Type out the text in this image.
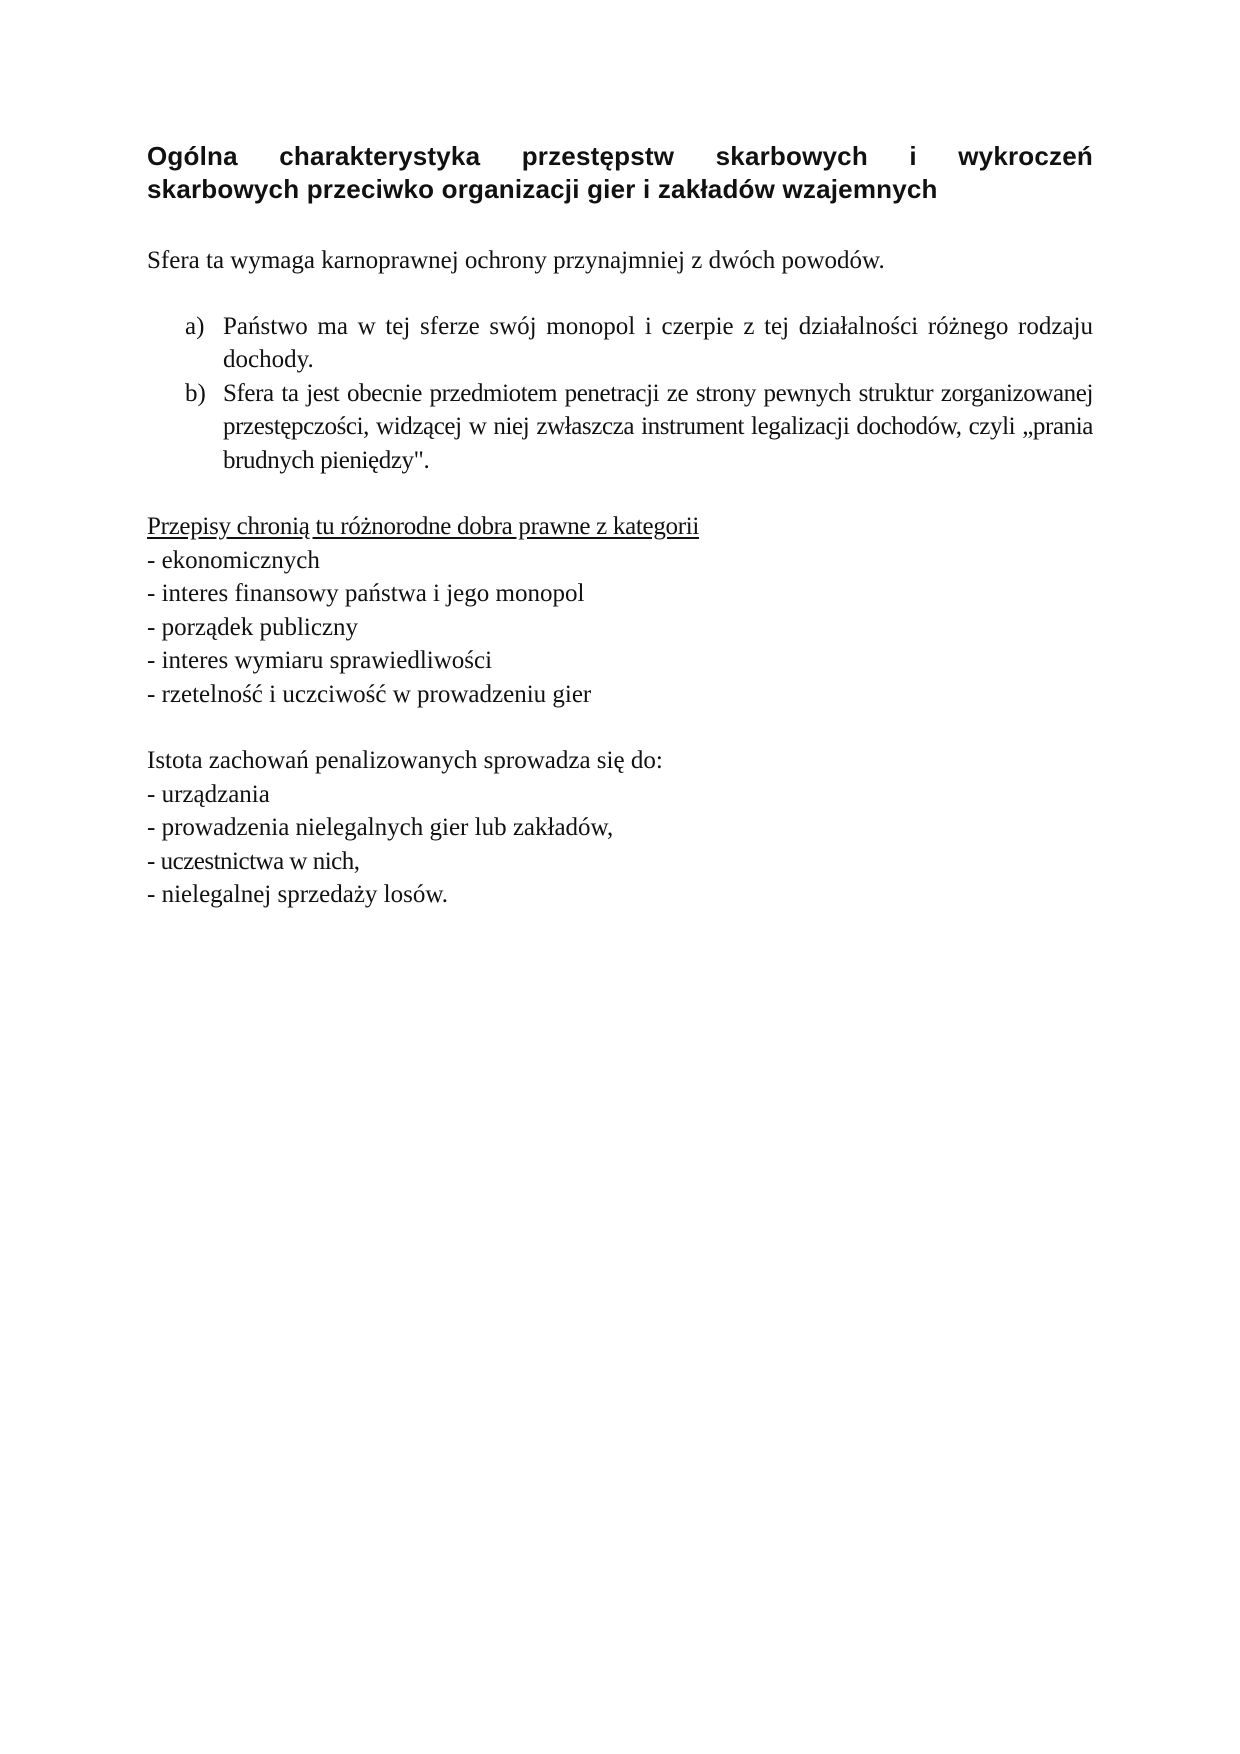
Ogólna charakterystyka przestępstw skarbowych i wykroczeń
skarbowych przeciwko organizacji gier i zakładów wzajemnych

Sfera ta wymaga karnoprawnej ochrony przynajmniej z dwóch powodów.

a) Państwo ma w tej sferze swój monopol i czerpie z tej działalności różnego rodzaju dochody.
b) Sfera ta jest obecnie przedmiotem penetracji ze strony pewnych struktur zorganizowanej przestępczości, widzącej w niej zwłaszcza instrument legalizacji dochodów, czyli „prania brudnych pieniędzy".
Przepisy chronią tu różnorodne dobra prawne z kategorii
- ekonomicznych
- interes finansowy państwa i jego monopol
- porządek publiczny
- interes wymiaru sprawiedliwości
- rzetelność i uczciwość w prowadzeniu gier
Istota zachowań penalizowanych sprowadza się do:
- urządzania
- prowadzenia nielegalnych gier lub zakładów,
- uczestnictwa w nich,
- nielegalnej sprzedaży losów.
